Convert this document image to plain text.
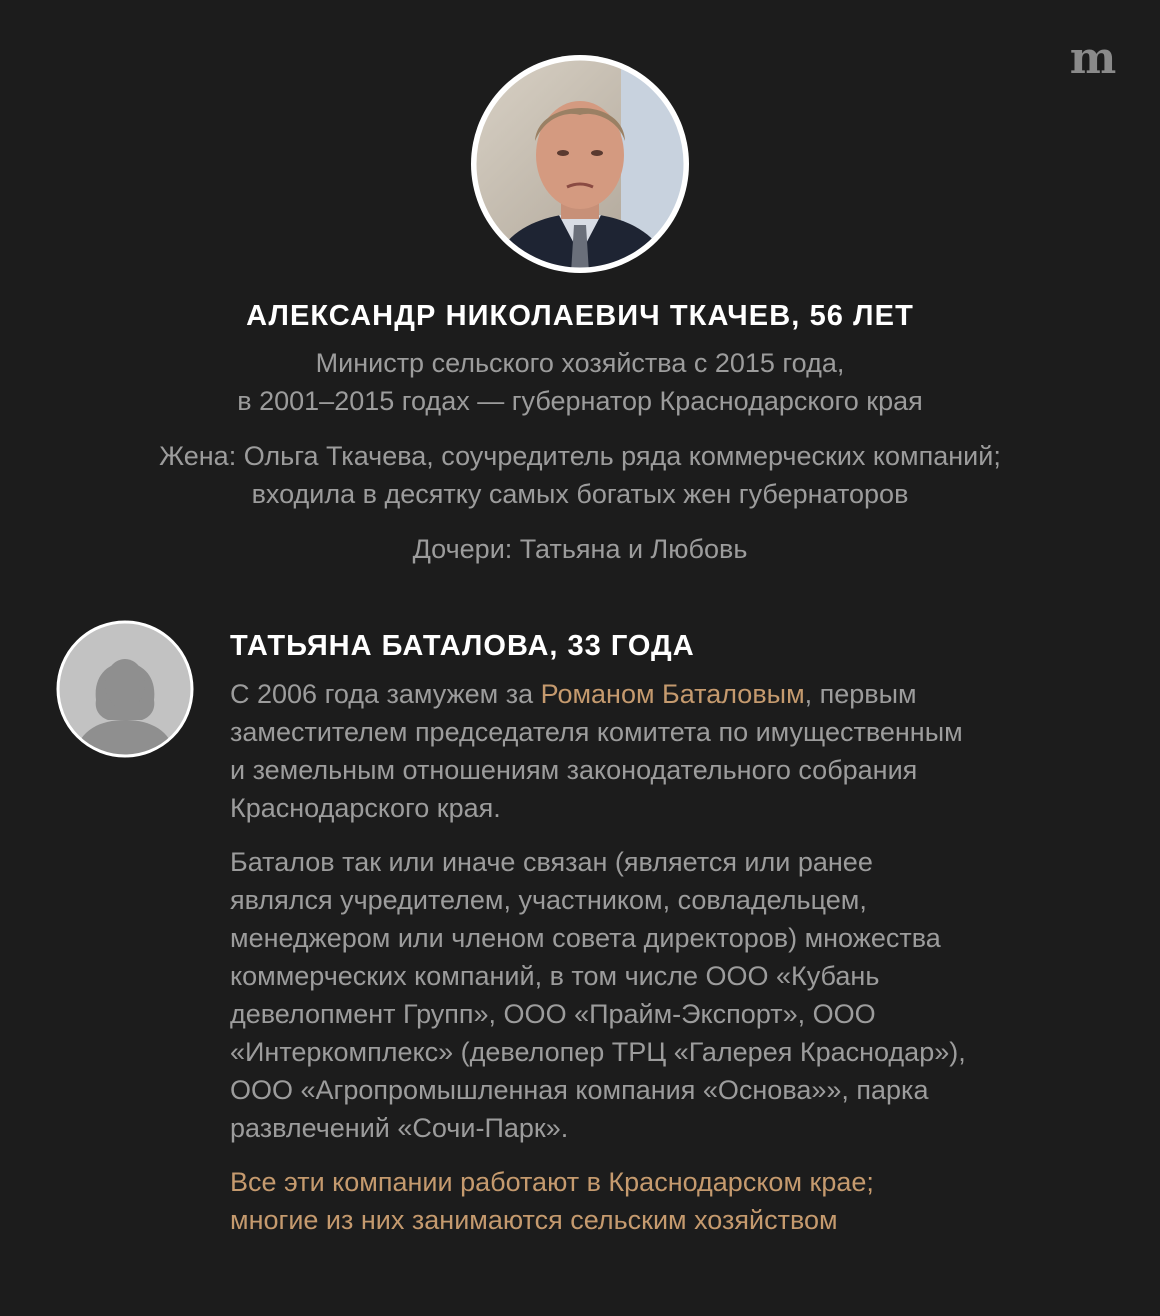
m
АЛЕКСАНДР НИКОЛАЕВИЧ ТКАЧЕВ, 56 ЛЕТ
Министр сельского хозяйства с 2015 года,
в 2001–2015 годах — губернатор Краснодарского края
Жена: Ольга Ткачева, соучредитель ряда коммерческих компаний;
входила в десятку самых богатых жен губернаторов
Дочери: Татьяна и Любовь
ТАТЬЯНА БАТАЛОВА, 33 ГОДА
С 2006 года замужем за Романом Баталовым, первым
заместителем председателя комитета по имущественным
и земельным отношениям законодательного собрания
Краснодарского края.
Баталов так или иначе связан (является или ранее
являлся учредителем, участником, совладельцем,
менеджером или членом совета директоров) множества
коммерческих компаний, в том числе ООО «Кубань
девелопмент Групп», ООО «Прайм-Экспорт», ООО
«Интеркомплекс» (девелопер ТРЦ «Галерея Краснодар»),
ООО «Агропромышленная компания «Основа»», парка
развлечений «Сочи-Парк».
Все эти компании работают в Краснодарском крае;
многие из них занимаются сельским хозяйством
